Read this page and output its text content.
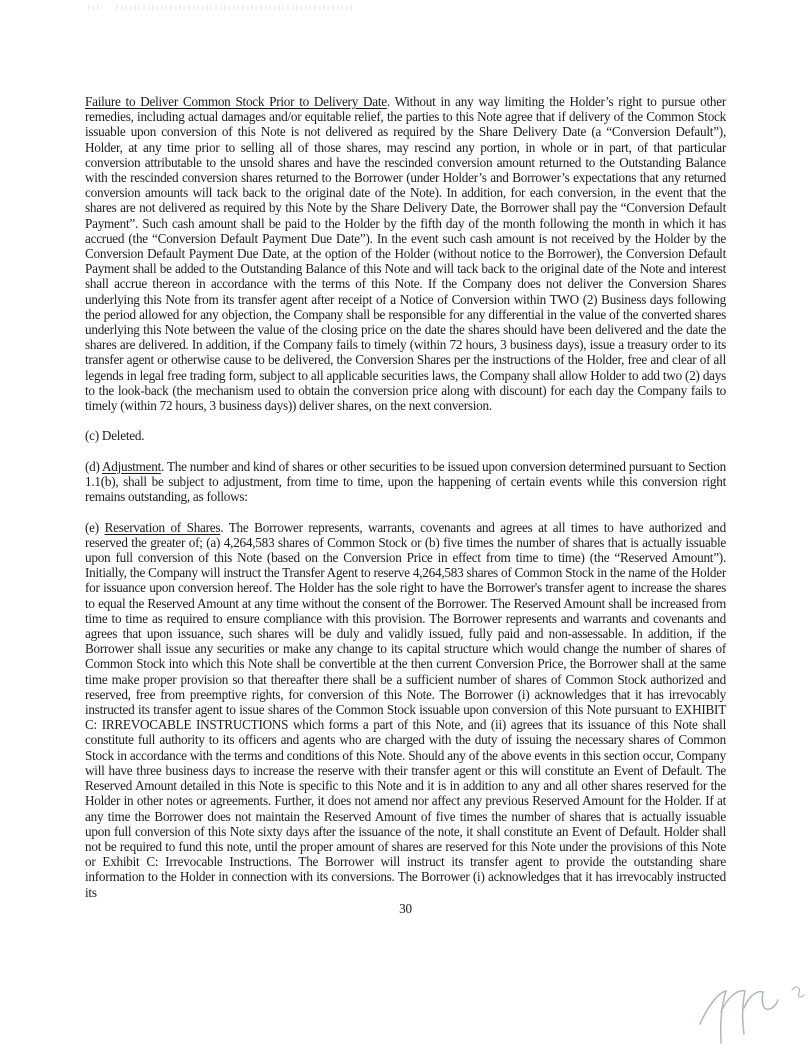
Failure to Deliver Common Stock Prior to Delivery Date. Without in any way limiting the Holder’s right to pursue other remedies, including actual damages and/or equitable relief, the parties to this Note agree that if delivery of the Common Stock issuable upon conversion of this Note is not delivered as required by the Share Delivery Date (a “Conversion Default”), Holder, at any time prior to selling all of those shares, may rescind any portion, in whole or in part, of that particular conversion attributable to the unsold shares and have the rescinded conversion amount returned to the Outstanding Balance with the rescinded conversion shares returned to the Borrower (under Holder’s and Borrower’s expectations that any returned conversion amounts will tack back to the original date of the Note). In addition, for each conversion, in the event that the shares are not delivered as required by this Note by the Share Delivery Date, the Borrower shall pay the “Conversion Default Payment”. Such cash amount shall be paid to the Holder by the fifth day of the month following the month in which it has accrued (the “Conversion Default Payment Due Date”). In the event such cash amount is not received by the Holder by the Conversion Default Payment Due Date, at the option of the Holder (without notice to the Borrower), the Conversion Default Payment shall be added to the Outstanding Balance of this Note and will tack back to the original date of the Note and interest shall accrue thereon in accordance with the terms of this Note. If the Company does not deliver the Conversion Shares underlying this Note from its transfer agent after receipt of a Notice of Conversion within TWO (2) Business days following the period allowed for any objection, the Company shall be responsible for any differential in the value of the converted shares underlying this Note between the value of the closing price on the date the shares should have been delivered and the date the shares are delivered. In addition, if the Company fails to timely (within 72 hours, 3 business days), issue a treasury order to its transfer agent or otherwise cause to be delivered, the Conversion Shares per the instructions of the Holder, free and clear of all legends in legal free trading form, subject to all applicable securities laws, the Company shall allow Holder to add two (2) days to the look-back (the mechanism used to obtain the conversion price along with discount) for each day the Company fails to timely (within 72 hours, 3 business days)) deliver shares, on the next conversion.

(c) Deleted.

(d) Adjustment. The number and kind of shares or other securities to be issued upon conversion determined pursuant to Section 1.1(b), shall be subject to adjustment, from time to time, upon the happening of certain events while this conversion right remains outstanding, as follows:

(e) Reservation of Shares. The Borrower represents, warrants, covenants and agrees at all times to have authorized and reserved the greater of; (a) 4,264,583 shares of Common Stock or (b) five times the number of shares that is actually issuable upon full conversion of this Note (based on the Conversion Price in effect from time to time) (the “Reserved Amount”). Initially, the Company will instruct the Transfer Agent to reserve 4,264,583 shares of Common Stock in the name of the Holder for issuance upon conversion hereof. The Holder has the sole right to have the Borrower's transfer agent to increase the shares to equal the Reserved Amount at any time without the consent of the Borrower. The Reserved Amount shall be increased from time to time as required to ensure compliance with this provision. The Borrower represents and warrants and covenants and agrees that upon issuance, such shares will be duly and validly issued, fully paid and non-assessable. In addition, if the Borrower shall issue any securities or make any change to its capital structure which would change the number of shares of Common Stock into which this Note shall be convertible at the then current Conversion Price, the Borrower shall at the same time make proper provision so that thereafter there shall be a sufficient number of shares of Common Stock authorized and reserved, free from preemptive rights, for conversion of this Note. The Borrower (i) acknowledges that it has irrevocably instructed its transfer agent to issue shares of the Common Stock issuable upon conversion of this Note pursuant to EXHIBIT C: IRREVOCABLE INSTRUCTIONS which forms a part of this Note, and (ii) agrees that its issuance of this Note shall constitute full authority to its officers and agents who are charged with the duty of issuing the necessary shares of Common Stock in accordance with the terms and conditions of this Note. Should any of the above events in this section occur, Company will have three business days to increase the reserve with their transfer agent or this will constitute an Event of Default. The Reserved Amount detailed in this Note is specific to this Note and it is in addition to any and all other shares reserved for the Holder in other notes or agreements. Further, it does not amend nor affect any previous Reserved Amount for the Holder. If at any time the Borrower does not maintain the Reserved Amount of five times the number of shares that is actually issuable upon full conversion of this Note sixty days after the issuance of the note, it shall constitute an Event of Default. Holder shall not be required to fund this note, until the proper amount of shares are reserved for this Note under the provisions of this Note or Exhibit C: Irrevocable Instructions. The Borrower will instruct its transfer agent to provide the outstanding share information to the Holder in connection with its conversions. The Borrower (i) acknowledges that it has irrevocably instructed its

30
